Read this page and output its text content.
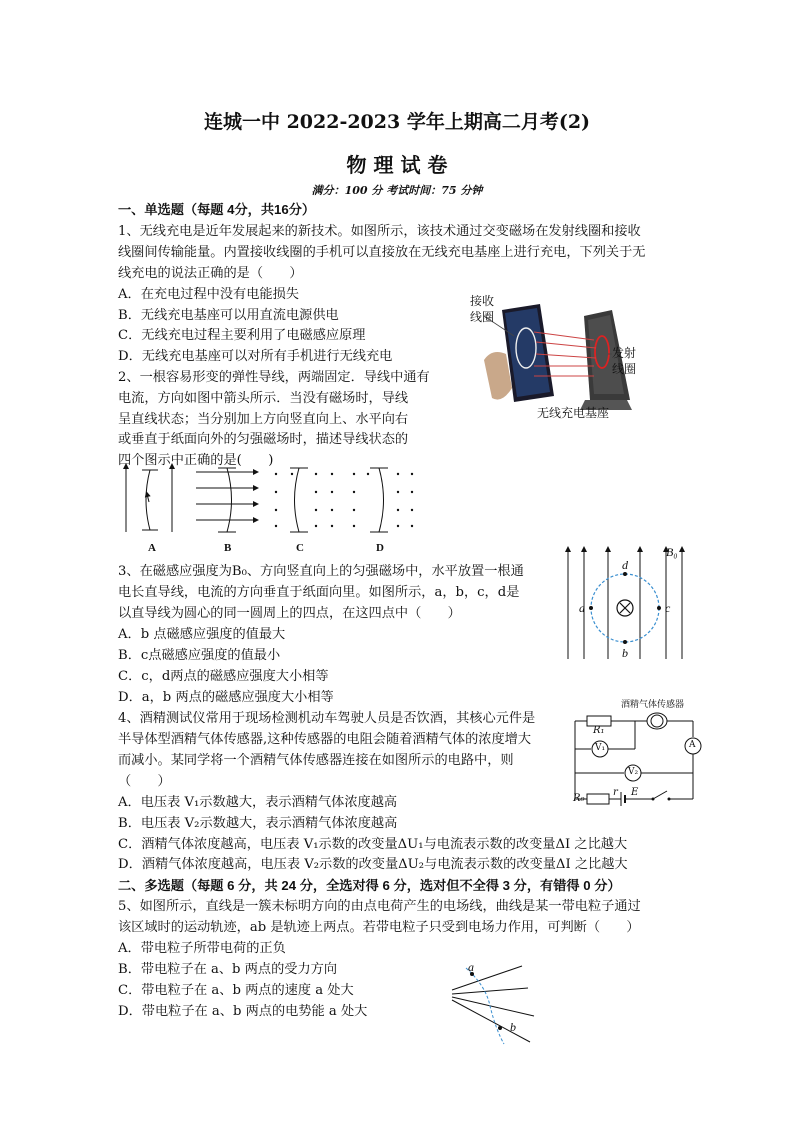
连城一中 2022-2023 学年上期高二月考(2)
物 理 试 卷
满分：100 分 考试时间：75 分钟
一、单选题（每题 4分，共16分）
1、无线充电是近年发展起来的新技术。如图所示，该技术通过交变磁场在发射线圈和接收
线圈间传输能量。内置接收线圈的手机可以直接放在无线充电基座上进行充电，下列关于无
线充电的说法正确的是（　　）
A．在充电过程中没有电能损失
B．无线充电基座可以用直流电源供电
C．无线充电过程主要利用了电磁感应原理
D．无线充电基座可以对所有手机进行无线充电
接收
线圈
发射
线圈
无线充电基座
2、一根容易形变的弹性导线，两端固定．导线中通有
电流，方向如图中箭头所示．当没有磁场时，导线
呈直线状态；当分别加上方向竖直向上、水平向右
或垂直于纸面向外的匀强磁场时，描述导线状态的
四个图示中正确的是(　　)
A	B	C	D
3、在磁感应强度为B₀、方向竖直向上的匀强磁场中，水平放置一根通
电长直导线，电流的方向垂直于纸面向里。如图所示，a，b，c，d是
以直导线为圆心的同一圆周上的四点，在这四点中（　　）
A．b 点磁感应强度的值最大
B．c点磁感应强度的值最小
C．c，d两点的磁感应强度大小相等
D．a，b 两点的磁感应强度大小相等
B₀
d
a	c
b
4、酒精测试仪常用于现场检测机动车驾驶人员是否饮酒，其核心元件是
半导体型酒精气体传感器,这种传感器的电阻会随着酒精气体的浓度增大
而减小。某同学将一个酒精气体传感器连接在如图所示的电路中，则
（　　）
A．电压表 V₁示数越大，表示酒精气体浓度越高
B．电压表 V₂示数越大，表示酒精气体浓度越高
C．酒精气体浓度越高，电压表 V₁示数的改变量ΔU₁与电流表示数的改变量ΔI 之比越大
D．酒精气体浓度越高，电压表 V₂示数的改变量ΔU₂与电流表示数的改变量ΔI 之比越大
酒精气体传感器
R₁
V₁
V₂
A
R₀
r E
二、多选题（每题 6 分，共 24 分，全选对得 6 分，选对但不全得 3 分，有错得 0 分）
5、如图所示，直线是一簇未标明方向的由点电荷产生的电场线，曲线是某一带电粒子通过
该区域时的运动轨迹，ab 是轨迹上两点。若带电粒子只受到电场力作用，可判断（　　）
A．带电粒子所带电荷的正负
B．带电粒子在 a、b 两点的受力方向
C．带电粒子在 a、b 两点的速度 a 处大
D．带电粒子在 a、b 两点的电势能 a 处大
a
b
